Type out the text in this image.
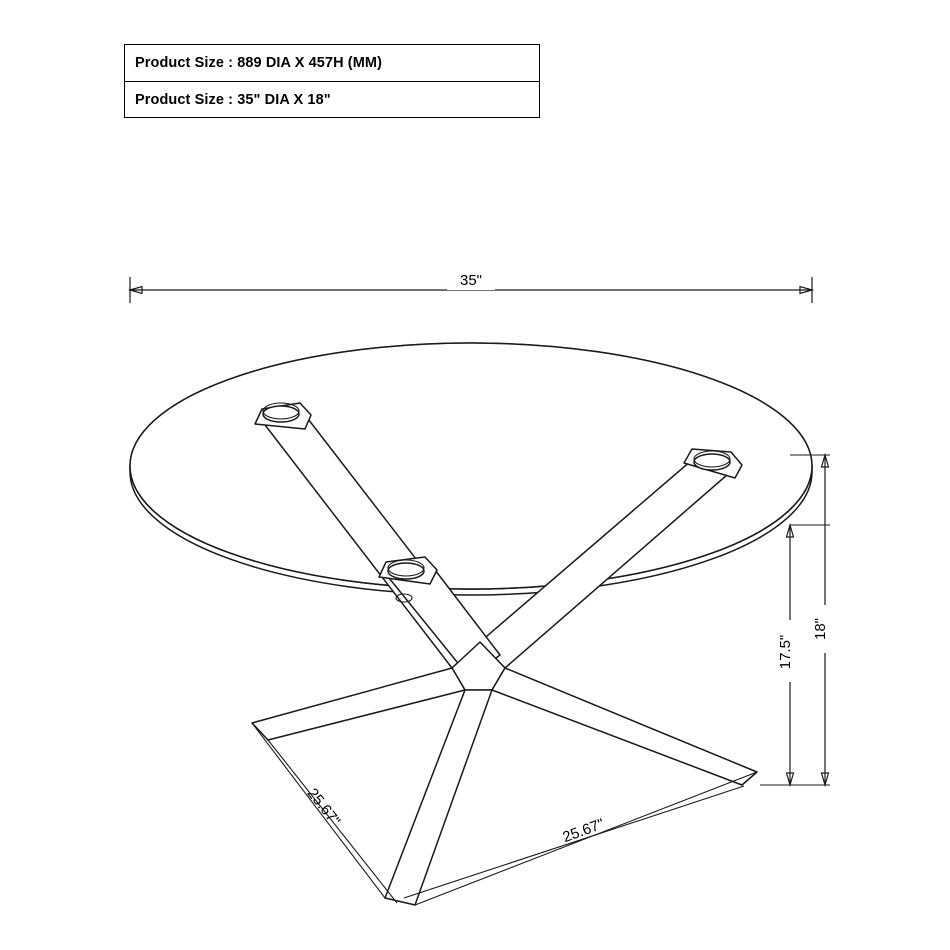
Product Size : 889 DIA X 457H (MM)
Product Size : 35" DIA X 18"
35"
17.5"
18"
25.67"
25.67"
